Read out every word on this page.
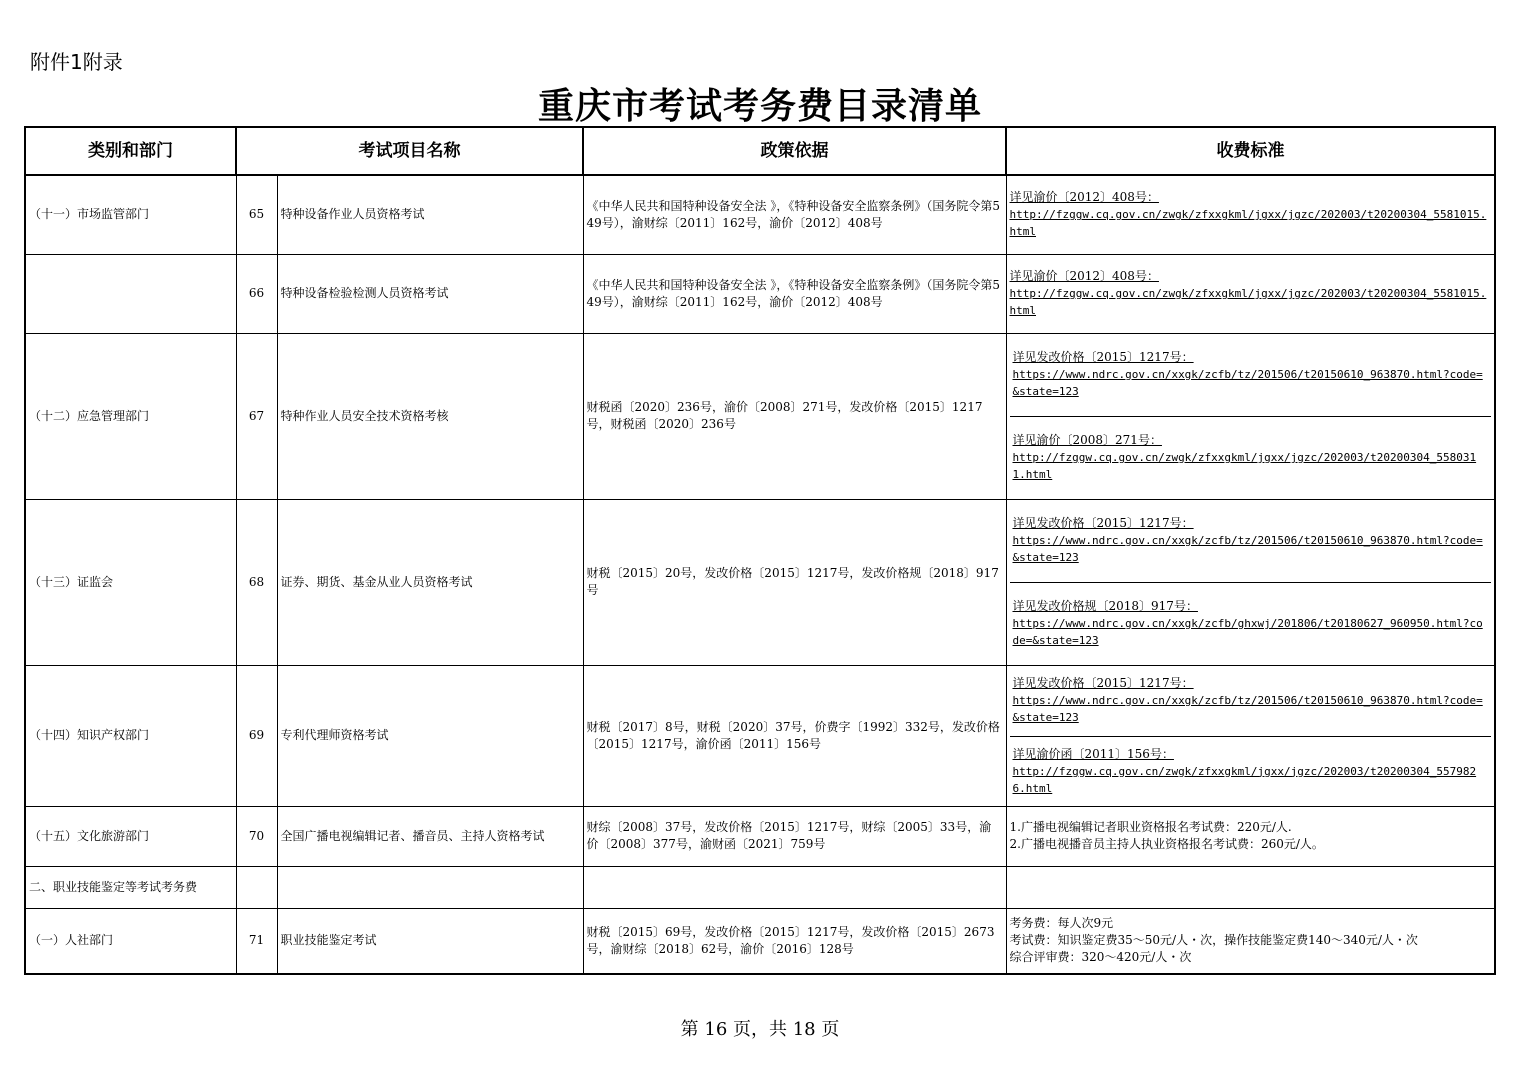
附件1附录
重庆市考试考务费目录清单
类别和部门	考试项目名称		政策依据	收费标准
（十一）市场监管部门	65	特种设备作业人员资格考试	《中华人民共和国特种设备安全法 》，《特种设备安全监察条例》（国务院令第549号），渝财综〔2011〕162号，渝价〔2012〕408号	详见渝价〔2012〕408号：
http://fzggw.cq.gov.cn/zwgk/zfxxgkml/jgxx/jgzc/202003/t20200304_5581015.html

	66	特种设备检验检测人员资格考试	《中华人民共和国特种设备安全法 》，《特种设备安全监察条例》（国务院令第549号），渝财综〔2011〕162号，渝价〔2012〕408号	详见渝价〔2012〕408号：
http://fzggw.cq.gov.cn/zwgk/zfxxgkml/jgxx/jgzc/202003/t20200304_5581015.html

（十二）应急管理部门	67	特种作业人员安全技术资格考核	财税函〔2020〕236号，渝价〔2008〕271号，发改价格〔2015〕1217号，财税函〔2020〕236号	详见发改价格〔2015〕1217号：
https://www.ndrc.gov.cn/xxgk/zcfb/tz/201506/t20150610_963870.html?code=&state=123
详见渝价〔2008〕271号：
http://fzggw.cq.gov.cn/zwgk/zfxxgkml/jgxx/jgzc/202003/t20200304_5580311.html

（十三）证监会	68	证券、期货、基金从业人员资格考试	财税〔2015〕20号，发改价格〔2015〕1217号，发改价格规〔2018〕917号	详见发改价格〔2015〕1217号：
https://www.ndrc.gov.cn/xxgk/zcfb/tz/201506/t20150610_963870.html?code=&state=123
详见发改价格规〔2018〕917号：
https://www.ndrc.gov.cn/xxgk/zcfb/ghxwj/201806/t20180627_960950.html?code=&state=123

（十四）知识产权部门	69	专利代理师资格考试	财税〔2017〕8号，财税〔2020〕37号，价费字〔1992〕332号，发改价格〔2015〕1217号，渝价函〔2011〕156号	详见发改价格〔2015〕1217号：
https://www.ndrc.gov.cn/xxgk/zcfb/tz/201506/t20150610_963870.html?code=&state=123
详见渝价函〔2011〕156号：
http://fzggw.cq.gov.cn/zwgk/zfxxgkml/jgxx/jgzc/202003/t20200304_5579826.html

（十五）文化旅游部门	70	全国广播电视编辑记者、播音员、主持人资格考试	财综〔2008〕37号，发改价格〔2015〕1217号，财综〔2005〕33号，渝价〔2008〕377号，渝财函〔2021〕759号	1.广播电视编辑记者职业资格报名考试费：220元/人.
2.广播电视播音员主持人执业资格报名考试费：260元/人。

二、职业技能鉴定等考试考务费				
（一）人社部门	71	职业技能鉴定考试	财税〔2015〕69号，发改价格〔2015〕1217号，发改价格〔2015〕2673号，渝财综〔2018〕62号，渝价〔2016〕128号	考务费：每人次9元
考试费：知识鉴定费35～50元/人・次，操作技能鉴定费140～340元/人・次
综合评审费：320～420元/人・次
第 16 页，共 18 页
